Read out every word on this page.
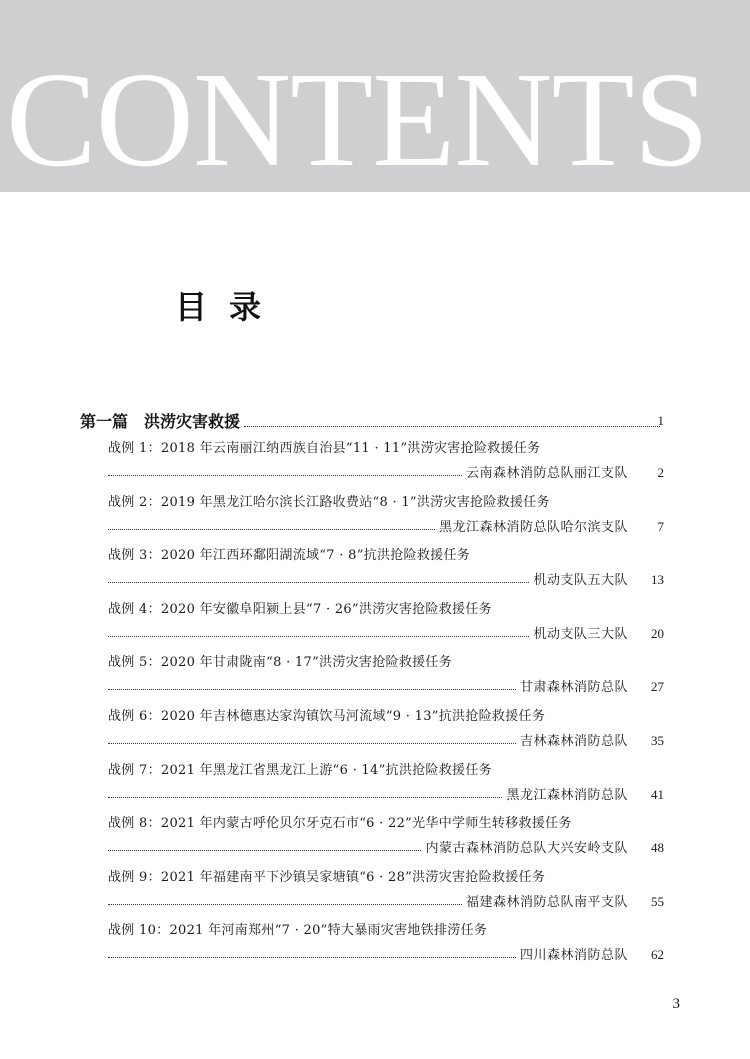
CONTENTS
目录
第一篇 洪涝灾害救援	1
战例 1：2018 年云南丽江纳西族自治县“11 · 11”洪涝灾害抢险救援任务
云南森林消防总队丽江支队	2
战例 2：2019 年黑龙江哈尔滨长江路收费站“8 · 1”洪涝灾害抢险救援任务
黑龙江森林消防总队哈尔滨支队	7
战例 3：2020 年江西环鄱阳湖流域“7 · 8”抗洪抢险救援任务
机动支队五大队	13
战例 4：2020 年安徽阜阳颍上县“7 · 26”洪涝灾害抢险救援任务
机动支队三大队	20
战例 5：2020 年甘肃陇南“8 · 17”洪涝灾害抢险救援任务
甘肃森林消防总队	27
战例 6：2020 年吉林德惠达家沟镇饮马河流域“9 · 13”抗洪抢险救援任务
吉林森林消防总队	35
战例 7：2021 年黑龙江省黑龙江上游“6 · 14”抗洪抢险救援任务
黑龙江森林消防总队	41
战例 8：2021 年内蒙古呼伦贝尔牙克石市“6 · 22”光华中学师生转移救援任务
内蒙古森林消防总队大兴安岭支队	48
战例 9：2021 年福建南平下沙镇吴家塘镇“6 · 28”洪涝灾害抢险救援任务
福建森林消防总队南平支队	55
战例 10：2021 年河南郑州“7 · 20”特大暴雨灾害地铁排涝任务
四川森林消防总队	62
3
